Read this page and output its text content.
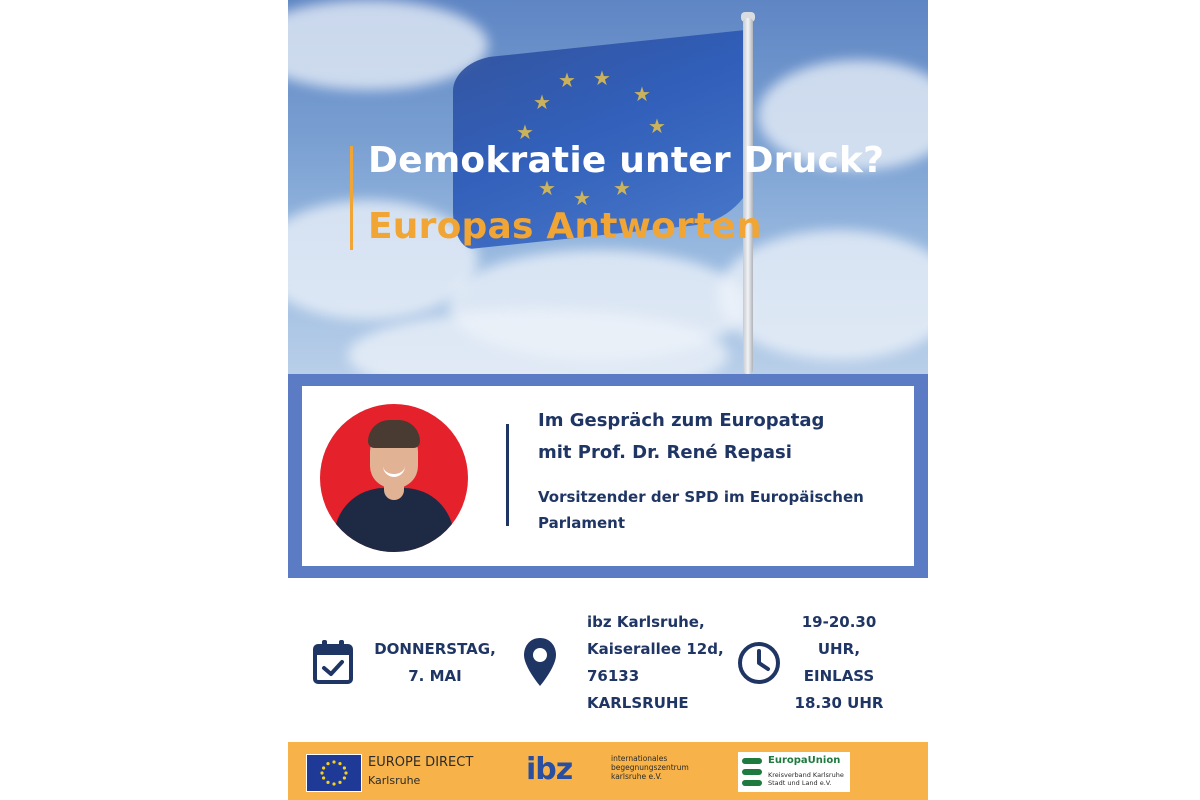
★ ★
★
★
★
★
★ ★ ★
Demokratie unter Druck?
Europas Antworten
Im Gespräch zum Europatag
mit Prof. Dr. René Repasi
Vorsitzender der SPD im Europäischen
Parlament
DONNERSTAG,
7. MAI
ibz Karlsruhe,
Kaiserallee 12d,
76133
KARLSRUHE
19-20.30
UHR,
EINLASS
18.30 UHR
EUROPE DIRECT
Karlsruhe	ibz	internationales
begegnungszentrum
karlsruhe e.V.
EuropaUnion
Kreisverband Karlsruhe
Stadt und Land e.V.
